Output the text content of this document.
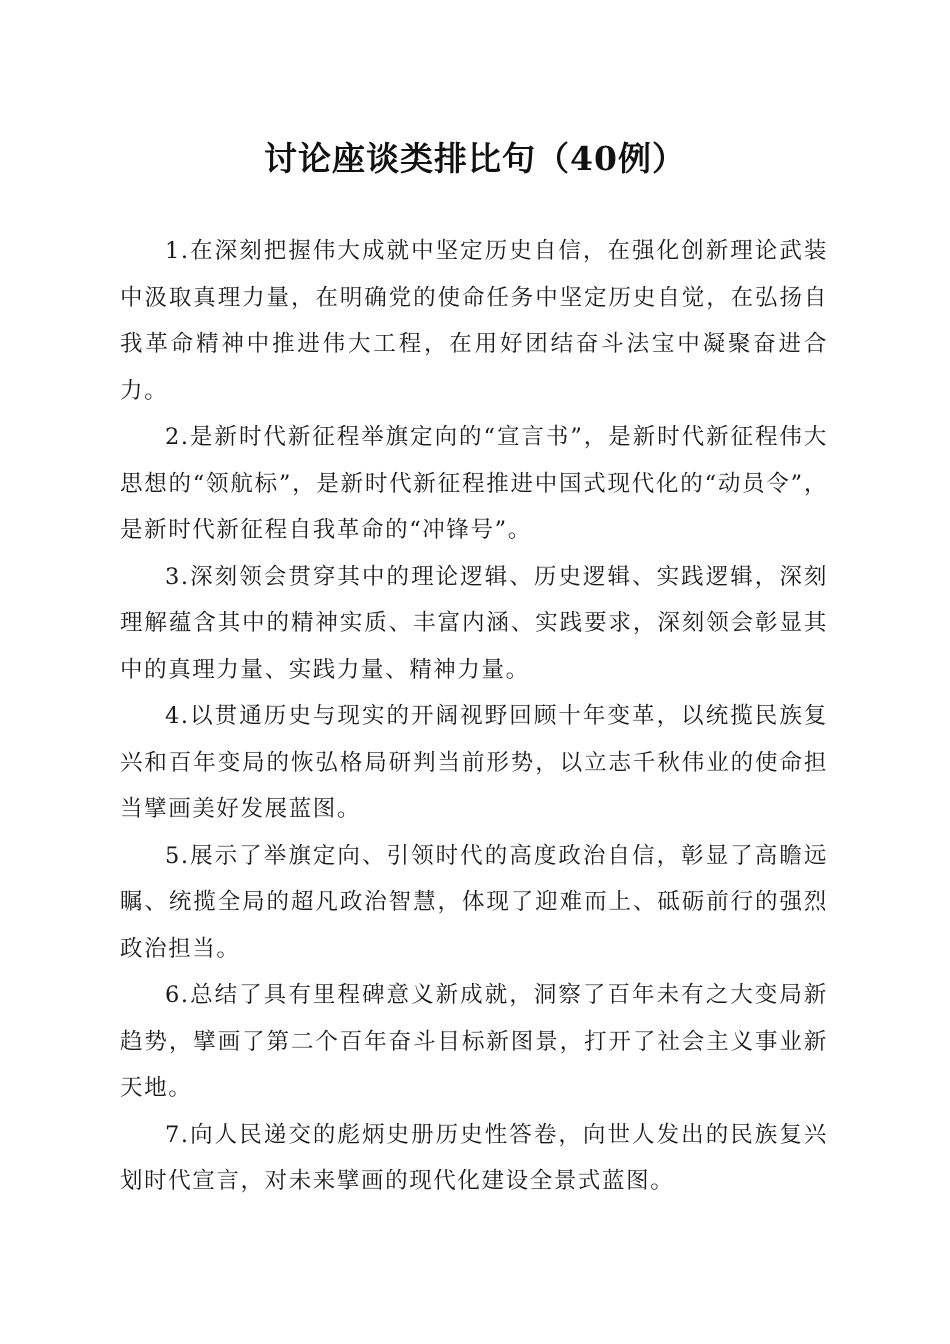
讨论座谈类排比句（40例）

1.在深刻把握伟大成就中坚定历史自信，在强化创新理论武装中汲取真理力量，在明确党的使命任务中坚定历史自觉，在弘扬自我革命精神中推进伟大工程，在用好团结奋斗法宝中凝聚奋进合力。

2.是新时代新征程举旗定向的“宣言书”，是新时代新征程伟大思想的“领航标”，是新时代新征程推进中国式现代化的“动员令”，是新时代新征程自我革命的“冲锋号”。

3.深刻领会贯穿其中的理论逻辑、历史逻辑、实践逻辑，深刻理解蕴含其中的精神实质、丰富内涵、实践要求，深刻领会彰显其中的真理力量、实践力量、精神力量。

4.以贯通历史与现实的开阔视野回顾十年变革，以统揽民族复兴和百年变局的恢弘格局研判当前形势，以立志千秋伟业的使命担当擘画美好发展蓝图。

5.展示了举旗定向、引领时代的高度政治自信，彰显了高瞻远瞩、统揽全局的超凡政治智慧，体现了迎难而上、砥砺前行的强烈政治担当。

6.总结了具有里程碑意义新成就，洞察了百年未有之大变局新趋势，擘画了第二个百年奋斗目标新图景，打开了社会主义事业新天地。

7.向人民递交的彪炳史册历史性答卷，向世人发出的民族复兴划时代宣言，对未来擘画的现代化建设全景式蓝图。
